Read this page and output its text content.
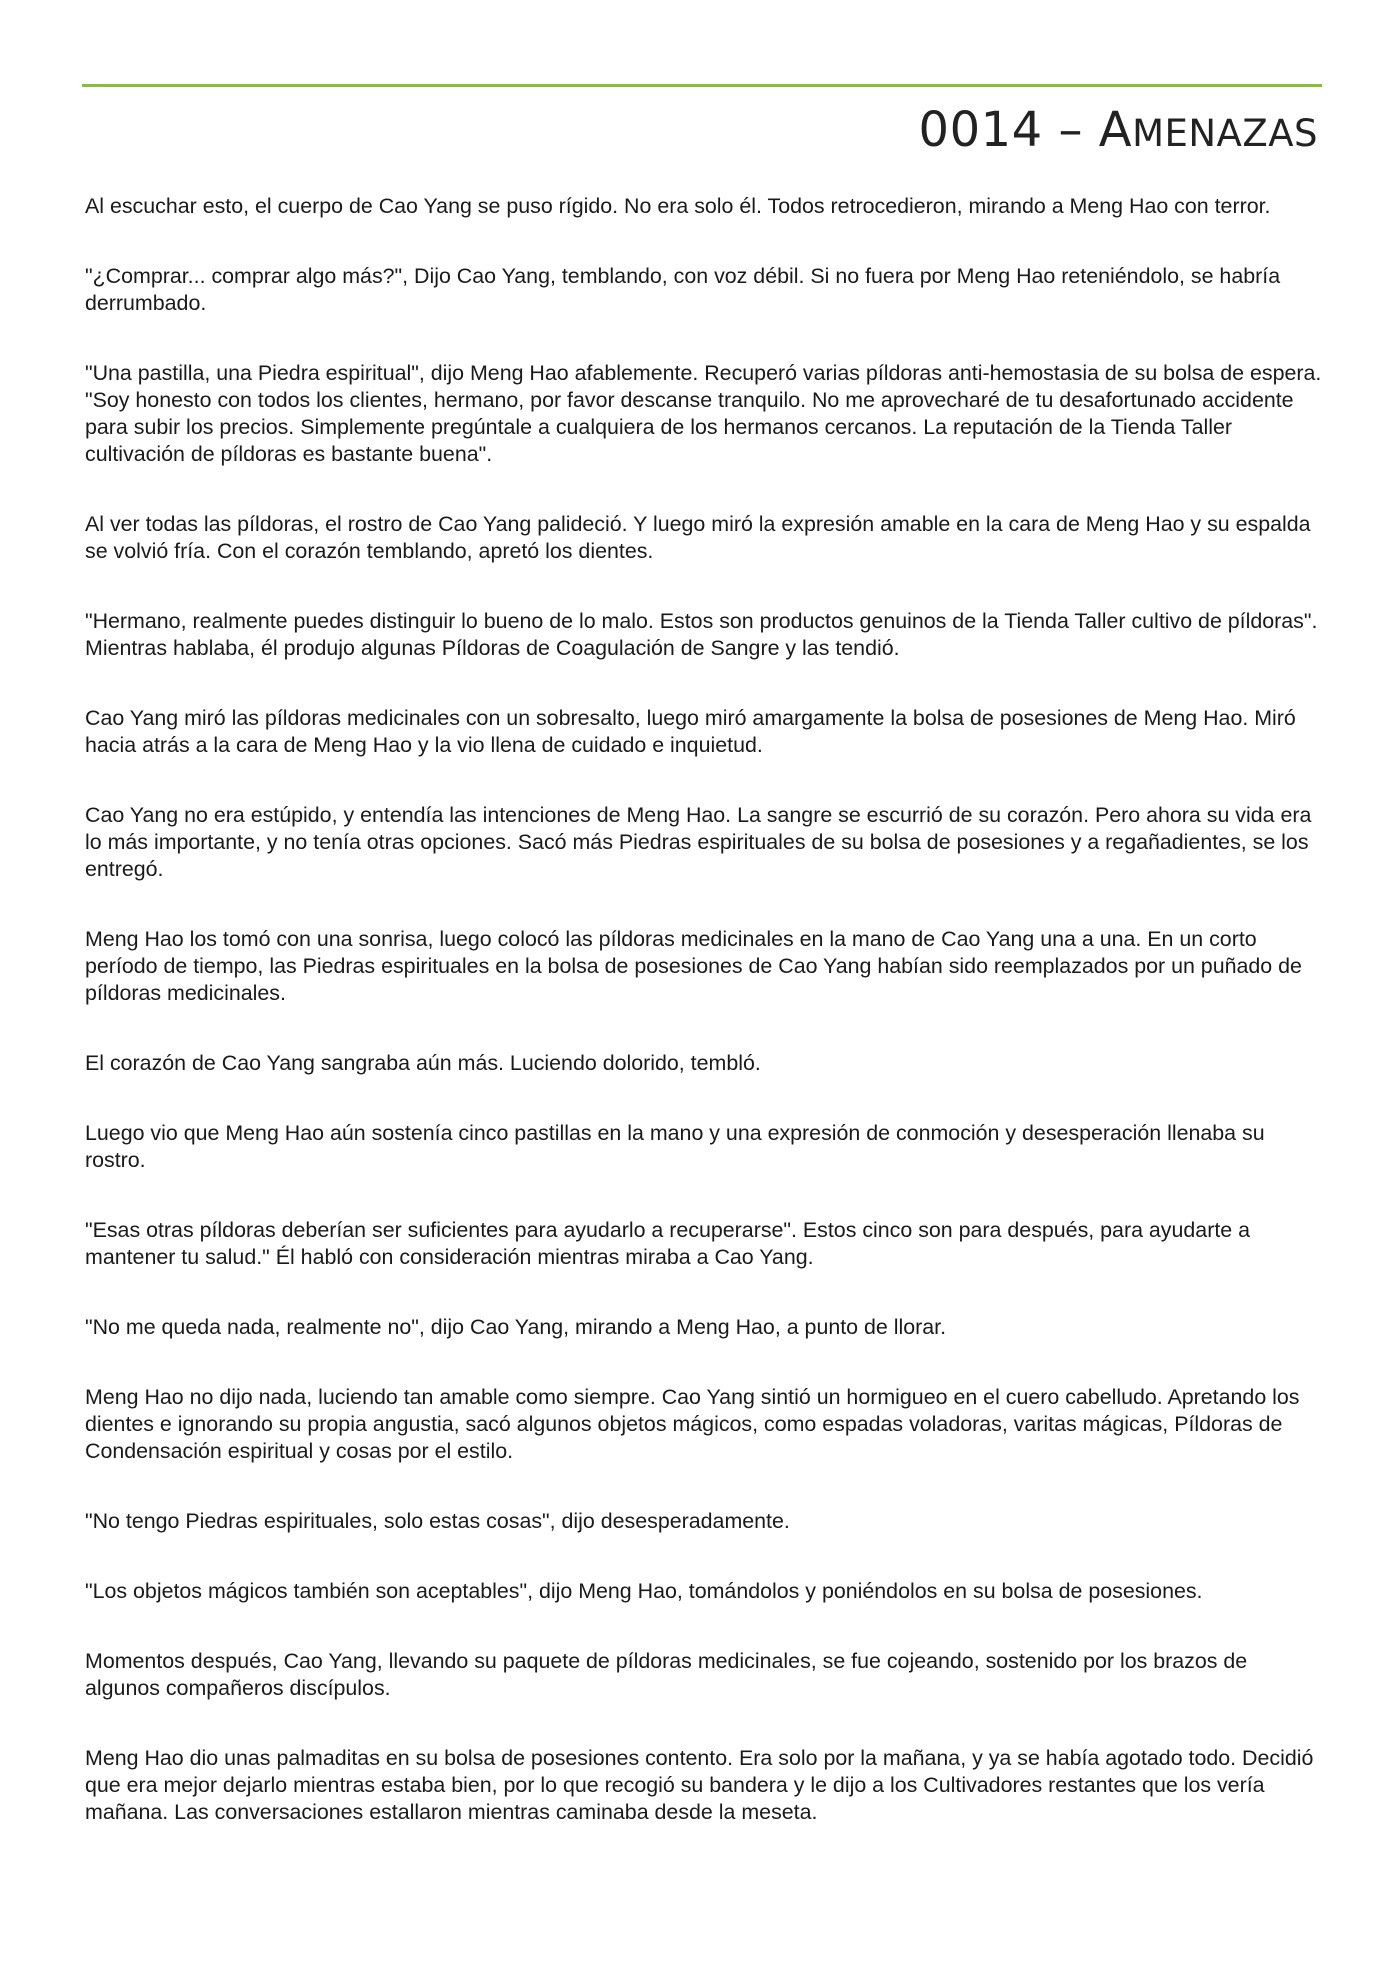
0014 – AMENAZAS

Al escuchar esto, el cuerpo de Cao Yang se puso rígido. No era solo él. Todos retrocedieron, mirando a Meng Hao con terror.

"¿Comprar... comprar algo más?", Dijo Cao Yang, temblando, con voz débil. Si no fuera por Meng Hao reteniéndolo, se habría derrumbado.

"Una pastilla, una Piedra espiritual", dijo Meng Hao afablemente. Recuperó varias píldoras anti-hemostasia de su bolsa de espera. "Soy honesto con todos los clientes, hermano, por favor descanse tranquilo. No me aprovecharé de tu desafortunado accidente para subir los precios. Simplemente pregúntale a cualquiera de los hermanos cercanos. La reputación de la Tienda Taller cultivación de píldoras es bastante buena".

Al ver todas las píldoras, el rostro de Cao Yang palideció. Y luego miró la expresión amable en la cara de Meng Hao y su espalda se volvió fría. Con el corazón temblando, apretó los dientes.

"Hermano, realmente puedes distinguir lo bueno de lo malo. Estos son productos genuinos de la Tienda Taller cultivo de píldoras". Mientras hablaba, él produjo algunas Píldoras de Coagulación de Sangre y las tendió.

Cao Yang miró las píldoras medicinales con un sobresalto, luego miró amargamente la bolsa de posesiones de Meng Hao. Miró hacia atrás a la cara de Meng Hao y la vio llena de cuidado e inquietud.

Cao Yang no era estúpido, y entendía las intenciones de Meng Hao. La sangre se escurrió de su corazón. Pero ahora su vida era lo más importante, y no tenía otras opciones. Sacó más Piedras espirituales de su bolsa de posesiones y a regañadientes, se los entregó.

Meng Hao los tomó con una sonrisa, luego colocó las píldoras medicinales en la mano de Cao Yang una a una. En un corto período de tiempo, las Piedras espirituales en la bolsa de posesiones de Cao Yang habían sido reemplazados por un puñado de píldoras medicinales.

El corazón de Cao Yang sangraba aún más. Luciendo dolorido, tembló.

Luego vio que Meng Hao aún sostenía cinco pastillas en la mano y una expresión de conmoción y desesperación llenaba su rostro.

"Esas otras píldoras deberían ser suficientes para ayudarlo a recuperarse". Estos cinco son para después, para ayudarte a mantener tu salud." Él habló con consideración mientras miraba a Cao Yang.

"No me queda nada, realmente no", dijo Cao Yang, mirando a Meng Hao, a punto de llorar.

Meng Hao no dijo nada, luciendo tan amable como siempre. Cao Yang sintió un hormigueo en el cuero cabelludo. Apretando los dientes e ignorando su propia angustia, sacó algunos objetos mágicos, como espadas voladoras, varitas mágicas, Píldoras de Condensación espiritual y cosas por el estilo.

"No tengo Piedras espirituales, solo estas cosas", dijo desesperadamente.

"Los objetos mágicos también son aceptables", dijo Meng Hao, tomándolos y poniéndolos en su bolsa de posesiones.

Momentos después, Cao Yang, llevando su paquete de píldoras medicinales, se fue cojeando, sostenido por los brazos de algunos compañeros discípulos.

Meng Hao dio unas palmaditas en su bolsa de posesiones contento. Era solo por la mañana, y ya se había agotado todo. Decidió que era mejor dejarlo mientras estaba bien, por lo que recogió su bandera y le dijo a los Cultivadores restantes que los vería mañana. Las conversaciones estallaron mientras caminaba desde la meseta.
